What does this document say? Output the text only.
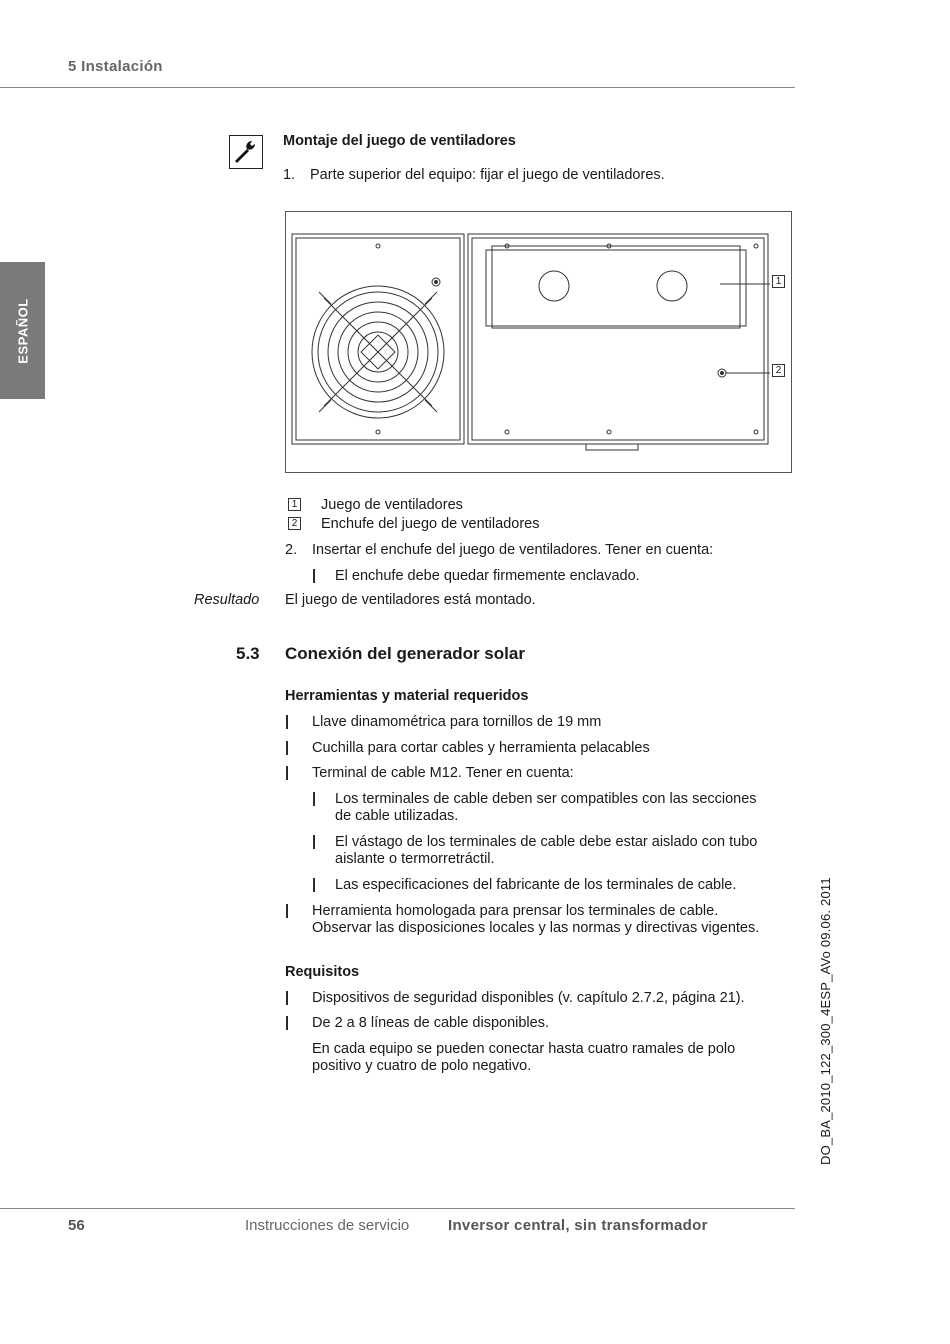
5 Instalación
ESPAÑOL
Montaje del juego de ventiladores
1. Parte superior del equipo: fijar el juego de ventiladores.
1
2
1 Juego de ventiladores
2 Enchufe del juego de ventiladores
2. Insertar el enchufe del juego de ventiladores. Tener en cuenta:
| El enchufe debe quedar firmemente enclavado.
Resultado El juego de ventiladores está montado.
5.3 Conexión del generador solar
Herramientas y material requeridos
| Llave dinamométrica para tornillos de 19 mm
| Cuchilla para cortar cables y herramienta pelacables
| Terminal de cable M12. Tener en cuenta:
| Los terminales de cable deben ser compatibles con las secciones
de cable utilizadas.
| El vástago de los terminales de cable debe estar aislado con tubo
aislante o termorretráctil.
| Las especificaciones del fabricante de los terminales de cable.
| Herramienta homologada para prensar los terminales de cable.
Observar las disposiciones locales y las normas y directivas vigentes.
Requisitos
| Dispositivos de seguridad disponibles (v. capítulo 2.7.2, página 21).
| De 2 a 8 líneas de cable disponibles.
En cada equipo se pueden conectar hasta cuatro ramales de polo
positivo y cuatro de polo negativo.	DO_BA_2010_122_300_4ESP_AVo 09.06. 2011
56	Instrucciones de servicio	Inversor central, sin transformador
